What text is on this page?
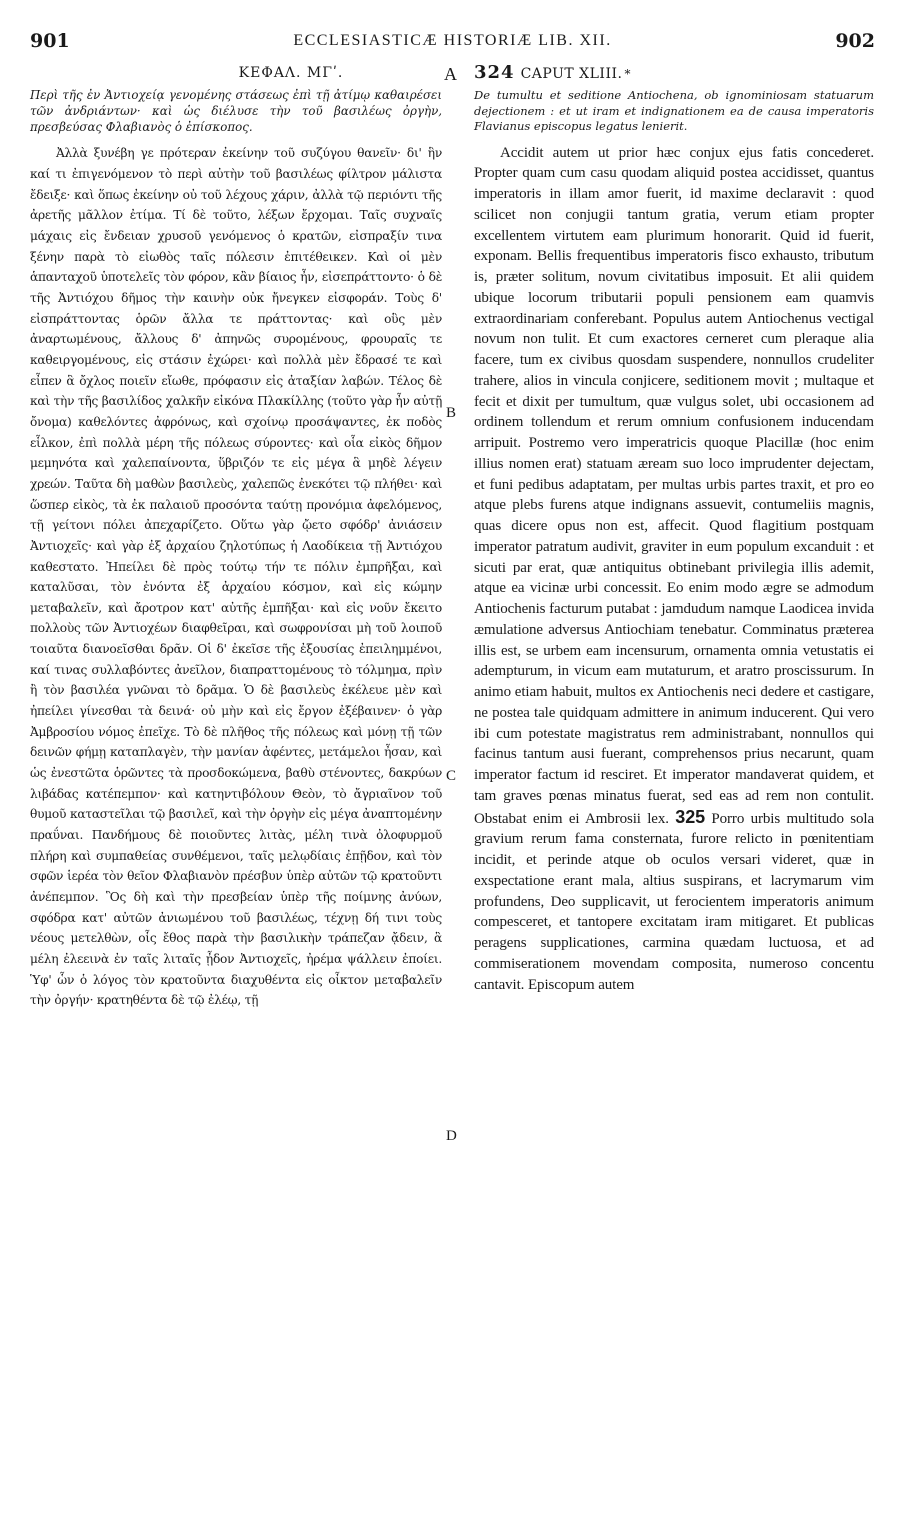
901	ECCLESIASTICÆ HISTORIÆ LIB. XII.	902
A
B
C
D
ΚΕΦΑΛ. ΜΓʹ.
Περὶ τῆς ἐν Ἀντιοχείᾳ γενομένης στάσεως ἐπὶ τῇ ἀτίμῳ καθαιρέσει τῶν ἀνδριάντων· καὶ ὡς διέλυσε τὴν τοῦ βασιλέως ὀργὴν, πρεσβεύσας Φλαβιανὸς ὁ ἐπίσκοπος.

Ἀλλὰ ξυνέβη γε πρότεραν ἐκείνην τοῦ συζύγου θανεῖν· δι' ἣν καί τι ἐπιγενόμενον τὸ περὶ αὐτὴν τοῦ βασιλέως φίλτρον μάλιστα ἔδειξε· καὶ ὅπως ἐκείνην οὐ τοῦ λέχους χάριν, ἀλλὰ τῷ περιόντι τῆς ἀρετῆς μᾶλλον ἐτίμα. Τί δὲ τοῦτο, λέξων ἔρχομαι. Ταῖς συχναῖς μάχαις εἰς ἔνδειαν χρυσοῦ γενόμενος ὁ κρατῶν, εἰσπραξίν τινα ξένην παρὰ τὸ εἰωθὸς ταῖς πόλεσιν ἐπιτέθεικεν. Καὶ οἱ μὲν ἁπανταχοῦ ὑποτελεῖς τὸν φόρον, κἂν βίαιος ἦν, εἰσεπράττοντο· ὁ δὲ τῆς Ἀντιόχου δῆμος τὴν καινὴν οὐκ ἤνεγκεν εἰσφοράν. Τοὺς δ' εἰσπράττοντας ὁρῶν ἄλλα τε πράττοντας· καὶ οὓς μὲν ἀναρτωμένους, ἄλλους δ' ἀπηνῶς συρομένους, φρουραῖς τε καθειργομένους, εἰς στάσιν ἐχώρει· καὶ πολλὰ μὲν ἔδρασέ τε καὶ εἶπεν ἃ ὄχλος ποιεῖν εἴωθε, πρόφασιν εἰς ἀταξίαν λαβών. Τέλος δὲ καὶ τὴν τῆς βασιλίδος χαλκῆν εἰκόνα Πλακίλλης (τοῦτο γὰρ ἦν αὐτῇ ὄνομα) καθελόντες ἀφρόνως, καὶ σχοίνῳ προσάψαντες, ἐκ ποδὸς εἷλκον, ἐπὶ πολλὰ μέρη τῆς πόλεως σύροντες· καὶ οἷα εἰκὸς δῆμον μεμηνότα καὶ χαλεπαίνοντα, ὕβριζόν τε εἰς μέγα ἃ μηδὲ λέγειν χρεών. Ταῦτα δὴ μαθὼν βασιλεὺς, χαλεπῶς ἐνεκότει τῷ πλήθει· καὶ ὥσπερ εἰκὸς, τὰ ἐκ παλαιοῦ προσόντα ταύτῃ προνόμια ἀφελόμενος, τῇ γείτονι πόλει ἀπεχαρίζετο. Οὕτω γὰρ ᾤετο σφόδρ' ἀνιάσειν Ἀντιοχεῖς· καὶ γὰρ ἐξ ἀρχαίου ζηλοτύπως ἡ Λαοδίκεια τῇ Ἀντιόχου καθεστατο. Ἠπείλει δὲ πρὸς τούτῳ τήν τε πόλιν ἐμπρῆξαι, καὶ καταλῦσαι, τὸν ἐνόντα ἐξ ἀρχαίου κόσμον, καὶ εἰς κώμην μεταβαλεῖν, καὶ ἄροτρον κατ' αὐτῆς ἐμπῆξαι· καὶ εἰς νοῦν ἔκειτο πολλοὺς τῶν Ἀντιοχέων διαφθεῖραι, καὶ σωφρονίσαι μὴ τοῦ λοιποῦ τοιαῦτα διανοεῖσθαι δρᾶν. Οἱ δ' ἐκεῖσε τῆς ἐξουσίας ἐπειλημμένοι, καί τινας συλλαβόντες ἀνεῖλον, διαπραττομένους τὸ τόλμημα, πρὶν ἢ τὸν βασιλέα γνῶναι τὸ δρᾶμα. Ὁ δὲ βασιλεὺς ἐκέλευε μὲν καὶ ἠπείλει γίνεσθαι τὰ δεινά· οὐ μὴν καὶ εἰς ἔργον ἐξέβαινεν· ὁ γὰρ Ἀμβροσίου νόμος ἐπεῖχε. Τὸ δὲ πλῆθος τῆς πόλεως καὶ μόνῃ τῇ τῶν δεινῶν φήμῃ καταπλαγὲν, τὴν μανίαν ἀφέντες, μετάμελοι ἦσαν, καὶ ὡς ἐνεστῶτα ὁρῶντες τὰ προσδοκώμενα, βαθὺ στένοντες, δακρύων λιβάδας κατέπεμπον· καὶ κατηντιβόλουν Θεὸν, τὸ ἄγριαῖνον τοῦ θυμοῦ καταστεῖλαι τῷ βασιλεῖ, καὶ τὴν ὀργὴν εἰς μέγα ἀναπτομένην πραΰναι. Πανδήμους δὲ ποιοῦντες λιτὰς, μέλη τινὰ ὀλοφυρμοῦ πλήρη καὶ συμπαθείας συνθέμενοι, ταῖς μελῳδίαις ἐπῇδον, καὶ τὸν σφῶν ἱερέα τὸν θεῖον Φλαβιανὸν πρέσβυν ὑπὲρ αὐτῶν τῷ κρατοῦντι ἀνέπεμπον. Ὃς δὴ καὶ τὴν πρεσβείαν ὑπὲρ τῆς ποίμνης ἀνύων, σφόδρα κατ' αὐτῶν ἀνιωμένου τοῦ βασιλέως, τέχνῃ δή τινι τοὺς νέους μετελθὼν, οἷς ἔθος παρὰ τὴν βασιλικὴν τράπεζαν ᾄδειν, ἃ μέλη ἐλεεινὰ ἐν ταῖς λιταῖς ᾖδον Ἀντιοχεῖς, ἠρέμα ψάλλειν ἐποίει. Ὑφ' ὧν ὁ λόγος τὸν κρατοῦντα διαχυθέντα εἰς οἶκτον μεταβαλεῖν τὴν ὀργήν· κρατηθέντα δὲ τῷ ἐλέῳ, τῇ

324 CAPUT XLIII. *
De tumultu et seditione Antiochena, ob ignominiosam statuarum dejectionem : et ut iram et indignationem ea de causa imperatoris Flavianus episcopus legatus lenierit.

Accidit autem ut prior hæc conjux ejus fatis concederet. Propter quam cum casu quodam aliquid postea accidisset, quantus imperatoris in illam amor fuerit, id maxime declaravit : quod scilicet non conjugii tantum gratia, verum etiam propter excellentem virtutem eam plurimum honorarit. Quid id fuerit, exponam. Bellis frequentibus imperatoris fisco exhausto, tributum is, præter solitum, novum civitatibus imposuit. Et alii quidem ubique locorum tributarii populi pensionem eam quamvis extraordinariam conferebant. Populus autem Antiochenus vectigal novum non tulit. Et cum exactores cerneret cum pleraque alia facere, tum ex civibus quosdam suspendere, nonnullos crudeliter trahere, alios in vincula conjicere, seditionem movit ; multaque et fecit et dixit per tumultum, quæ vulgus solet, ubi occasionem ad ordinem tollendum et rerum omnium confusionem inducendam arripuit. Postremo vero imperatricis quoque Placillæ (hoc enim illius nomen erat) statuam æream suo loco imprudenter dejectam, et funi pedibus adaptatam, per multas urbis partes traxit, et pro eo atque plebs furens atque indignans assuevit, contumeliis magnis, quas dicere opus non est, affecit. Quod flagitium postquam imperator patratum audivit, graviter in eum populum excanduit : et sicuti par erat, quæ antiquitus obtinebant privilegia illis ademit, atque ea vicinæ urbi concessit. Eo enim modo ægre se admodum Antiochenis facturum putabat : jamdudum namque Laodicea invida æmulatione adversus Antiochiam tenebatur. Comminatus præterea illis est, se urbem eam incensurum, ornamenta omnia vetustatis ei adempturum, in vicum eam mutaturum, et aratro proscissurum. In animo etiam habuit, multos ex Antiochenis neci dedere et castigare, ne postea tale quidquam admittere in animum inducerent. Qui vero ibi cum potestate magistratus rem administrabant, nonnullos qui facinus tantum ausi fuerant, comprehensos prius necarunt, quam imperator factum id resciret. Et imperator mandaverat quidem, et tam graves pœnas minatus fuerat, sed eas ad rem non contulit. Obstabat enim ei Ambrosii lex. 325 Porro urbis multitudo sola gravium rerum fama consternata, furore relicto in pœnitentiam incidit, et perinde atque ob oculos versari videret, quæ in exspectatione erant mala, altius suspirans, et lacrymarum vim profundens, Deo supplicavit, ut ferocientem imperatoris animum compesceret, et tantopere excitatam iram mitigaret. Et publicas peragens supplicationes, carmina quædam luctuosa, et ad commiserationem movendam composita, numeroso concentu cantavit. Episcopum autem
